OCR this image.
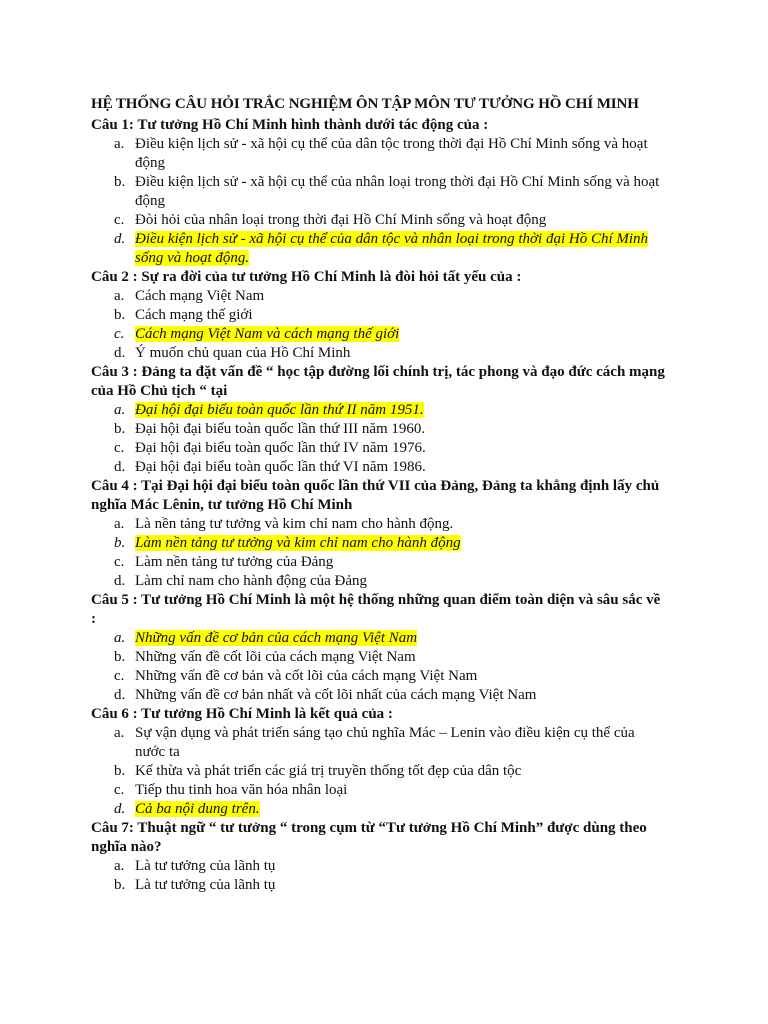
HỆ THỐNG CÂU HỎI TRẮC NGHIỆM ÔN TẬP MÔN TƯ TƯỞNG HỒ CHÍ MINH
Câu 1: Tư tưởng Hồ Chí Minh hình thành dưới tác động của :
a. Điều kiện lịch sử - xã hội cụ thể của dân tộc trong thời đại Hồ Chí Minh sống và hoạt động
b. Điều kiện lịch sử - xã hội cụ thể của nhân loại trong thời đại Hồ Chí Minh sống và hoạt động
c. Đòi hỏi của nhân loại trong thời đại Hồ Chí Minh sống và hoạt động
d. Điều kiện lịch sử - xã hội cụ thể của dân tộc và nhân loại trong thời đại Hồ Chí Minh sống và hoạt động.
Câu 2 : Sự ra đời của tư tưởng Hồ Chí Minh là đòi hỏi tất yếu của :
a. Cách mạng Việt Nam
b. Cách mạng thế giới
c. Cách mạng Việt Nam và cách mạng thế giới
d. Ý muốn chủ quan của Hồ Chí Minh
Câu 3 : Đảng ta đặt vấn đề “ học tập đường lối chính trị, tác phong và đạo đức cách mạng của Hồ Chủ tịch “ tại
a. Đại hội đại biểu toàn quốc lần thứ II năm 1951.
b. Đại hội đại biểu toàn quốc lần thứ III năm 1960.
c. Đại hội đại biểu toàn quốc lần thứ IV năm 1976.
d. Đại hội đại biểu toàn quốc lần thứ VI năm 1986.
Câu 4 : Tại Đại hội đại biểu toàn quốc lần thứ VII của Đảng, Đảng ta khẳng định lấy chủ nghĩa Mác Lênin, tư tưởng Hồ Chí Minh
a. Là nền tảng tư tưởng và kim chỉ nam cho hành động.
b. Làm nền tảng tư tưởng và kim chỉ nam cho hành động
c. Làm nền tảng tư tưởng của Đảng
d. Làm chỉ nam cho hành động của Đảng
Câu 5 : Tư tưởng Hồ Chí Minh là một hệ thống những quan điểm toàn diện và sâu sắc về :
a. Những vấn đề cơ bản của cách mạng Việt Nam
b. Những vấn đề cốt lõi của cách mạng Việt Nam
c. Những vấn đề cơ bản và cốt lõi của cách mạng Việt Nam
d. Những vấn đề cơ bản nhất và cốt lõi nhất của cách mạng Việt Nam
Câu 6 : Tư tưởng Hồ Chí Minh là kết quả của :
a. Sự vận dụng và phát triển sáng tạo chủ nghĩa Mác – Lenin vào điều kiện cụ thể của nước ta
b. Kế thừa và phát triển các giá trị truyền thống tốt đẹp của dân tộc
c. Tiếp thu tinh hoa văn hóa nhân loại
d. Cả ba nội dung trên.
Câu 7: Thuật ngữ “ tư tưởng “ trong cụm từ “Tư tưởng Hồ Chí Minh” được dùng theo nghĩa nào?
a. Là tư tưởng của lãnh tụ
b. Là tư tưởng của lãnh tụ
